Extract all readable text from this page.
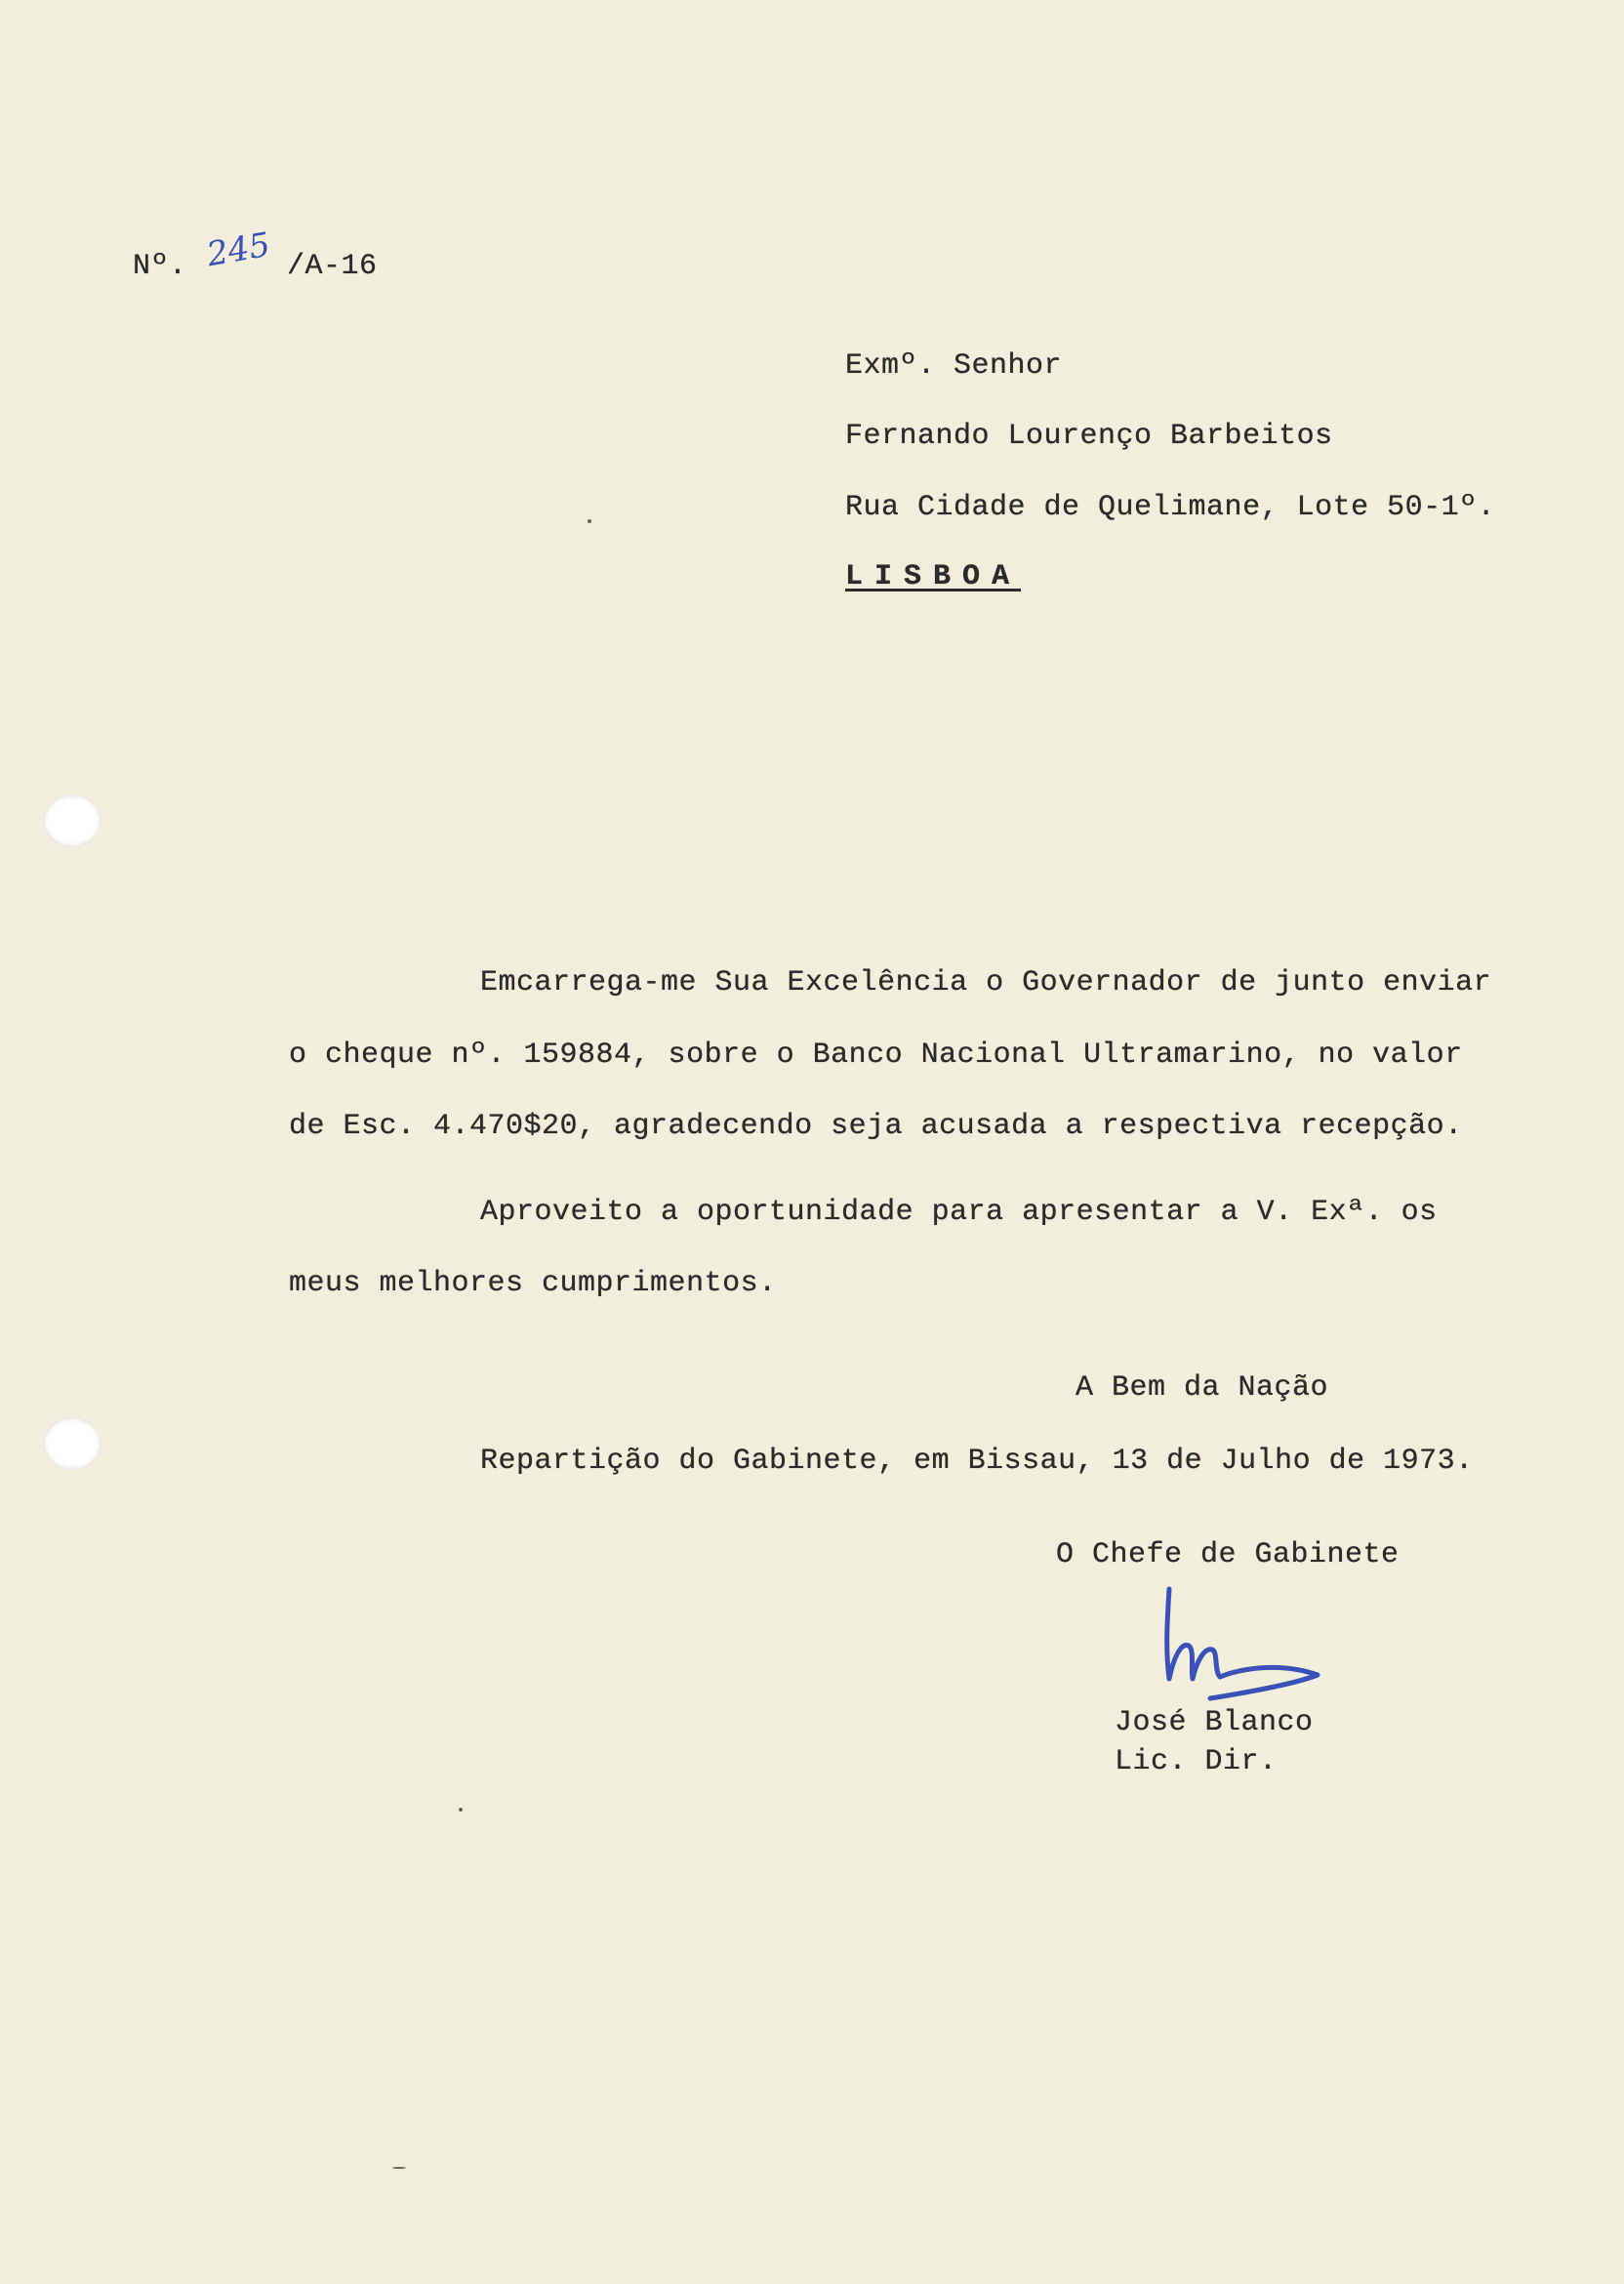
Nº. 245 /A-16
Exmº. Senhor
Fernando Lourenço Barbeitos
Rua Cidade de Quelimane, Lote 50-1º.
LISBOA
Emcarrega-me Sua Excelência o Governador de junto enviar
o cheque nº. 159884, sobre o Banco Nacional Ultramarino, no valor
de Esc. 4.470$20, agradecendo seja acusada a respectiva recepção.
Aproveito a oportunidade para apresentar a V. Exª. os
meus melhores cumprimentos.
A Bem da Nação
Repartição do Gabinete, em Bissau, 13 de Julho de 1973.
O Chefe de Gabinete
José Blanco
Lic. Dir.
